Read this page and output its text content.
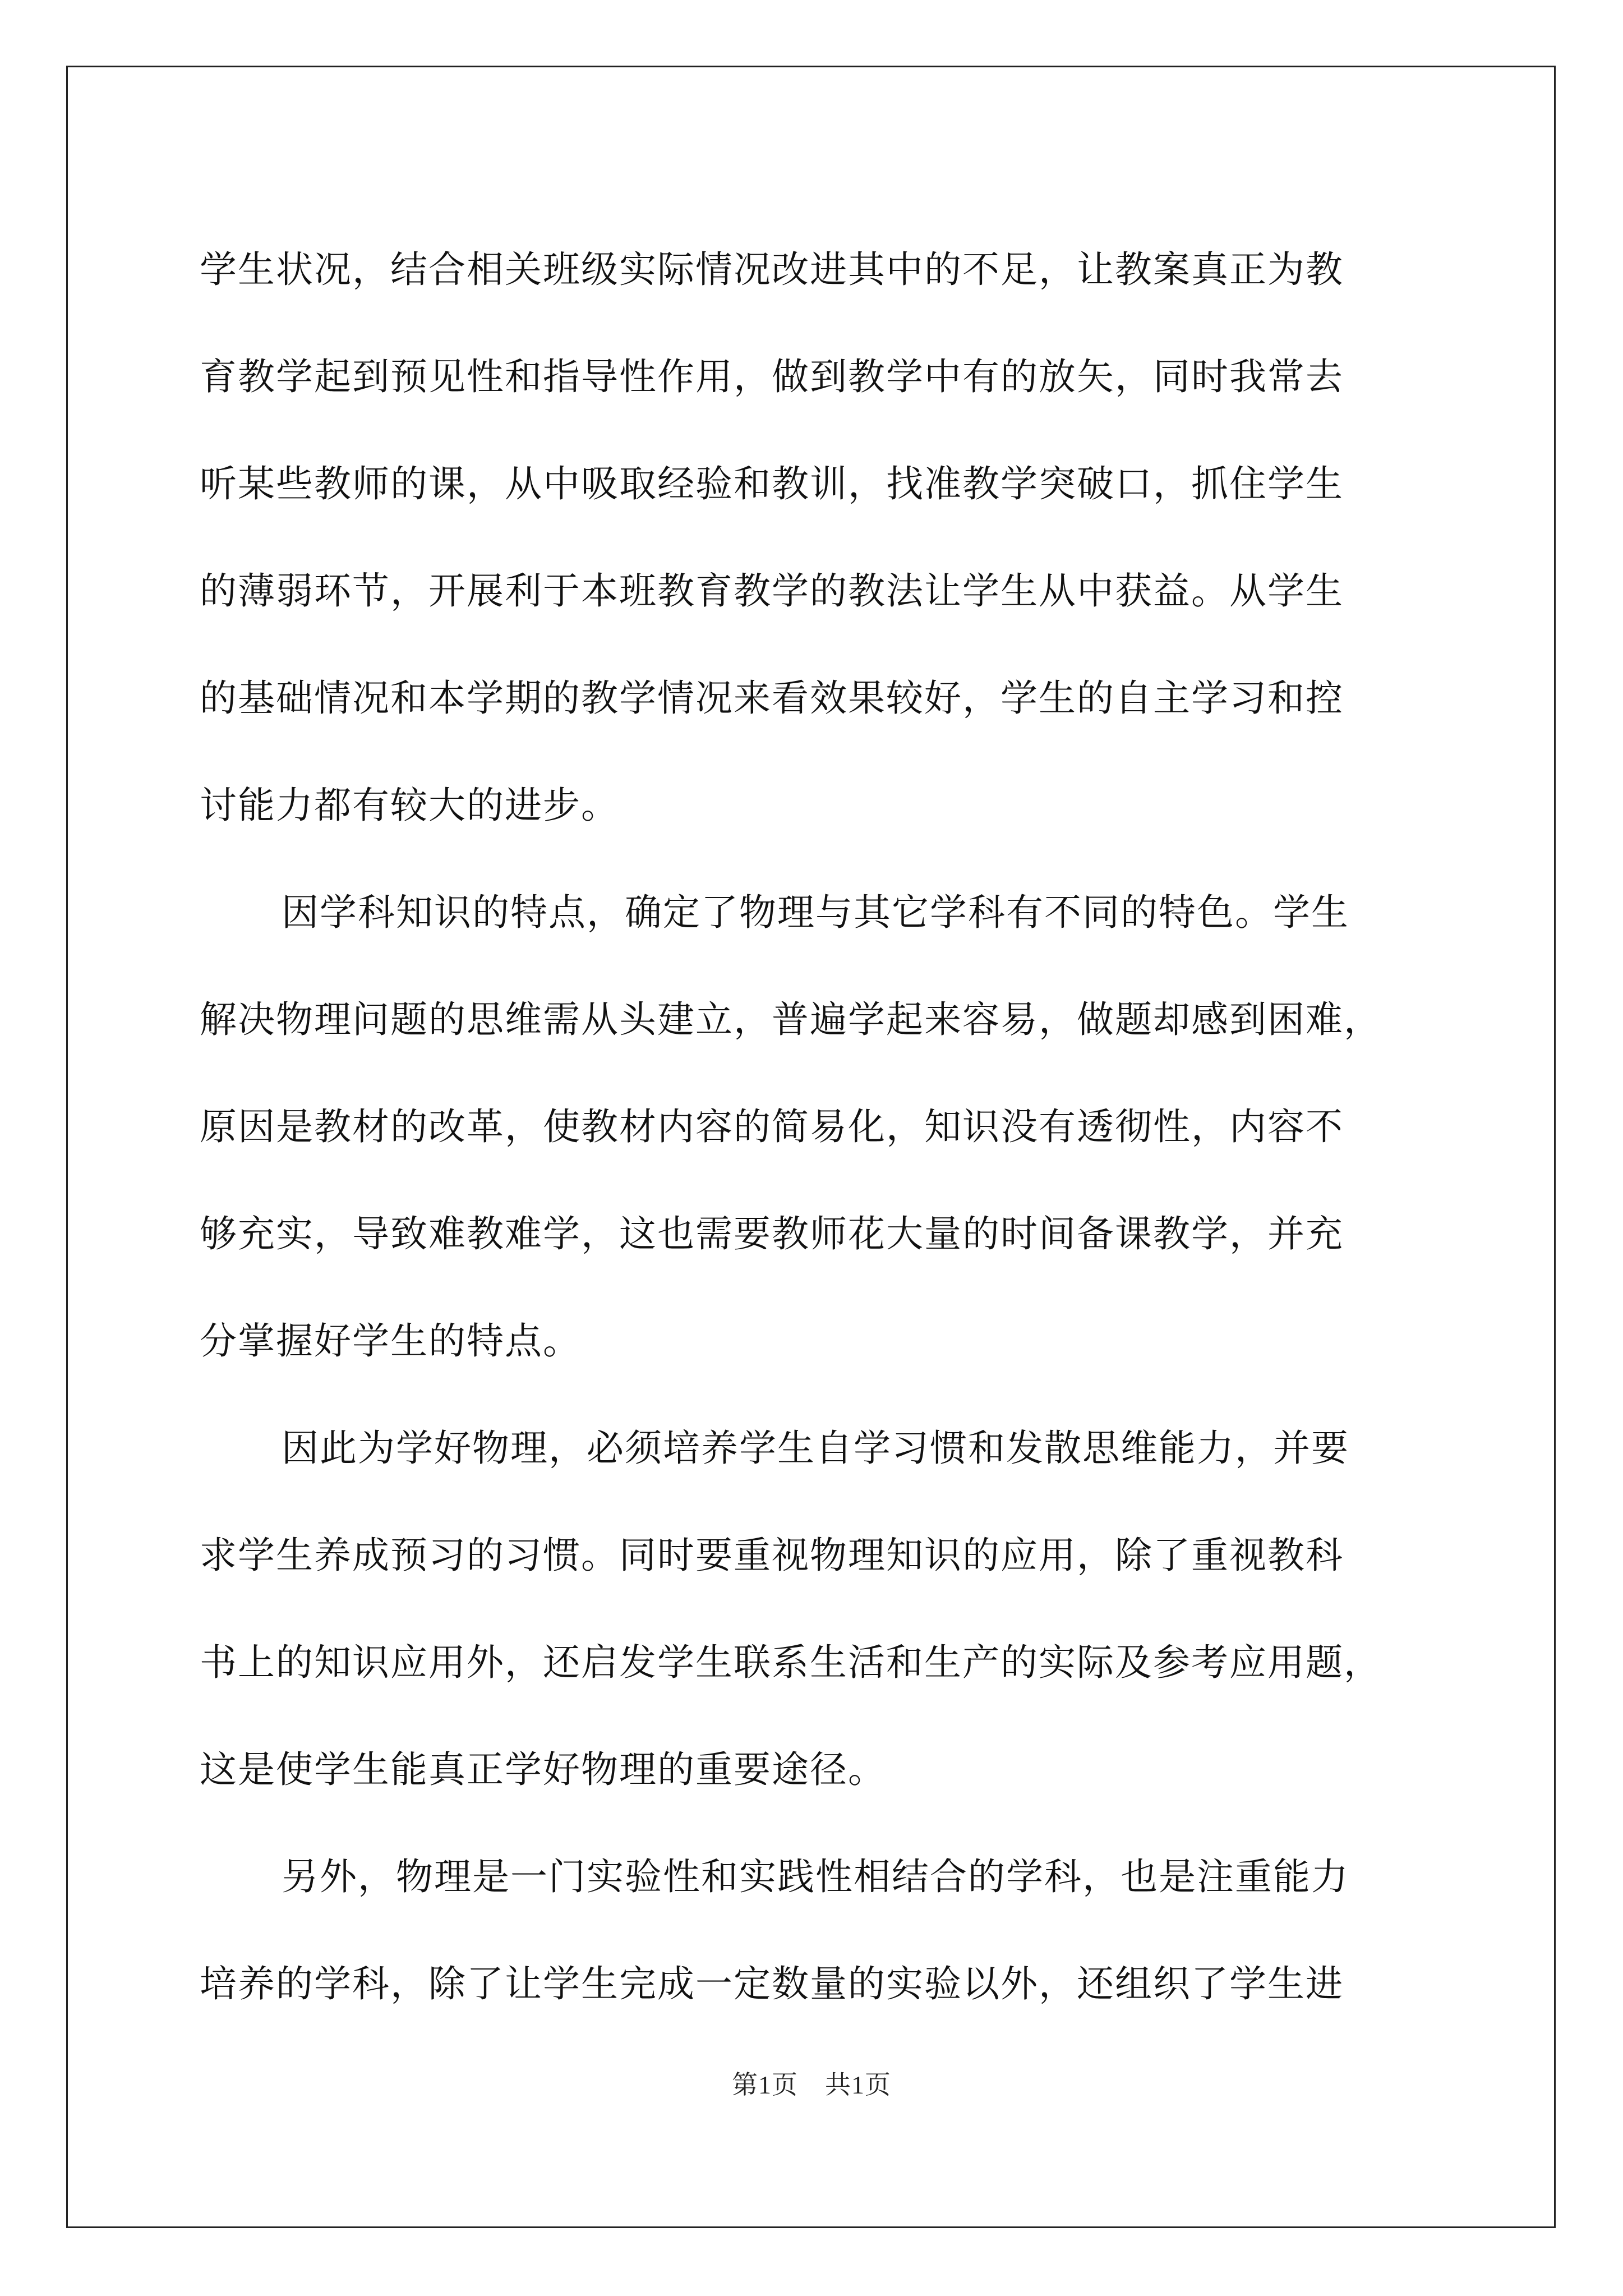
学生状况，结合相关班级实际情况改进其中的不足，让教案真正为教
育教学起到预见性和指导性作用，做到教学中有的放矢，同时我常去
听某些教师的课，从中吸取经验和教训，找准教学突破口，抓住学生
的薄弱环节，开展利于本班教育教学的教法让学生从中获益。从学生
的基础情况和本学期的教学情况来看效果较好，学生的自主学习和控
讨能力都有较大的进步。
因学科知识的特点，确定了物理与其它学科有不同的特色。学生
解决物理问题的思维需从头建立，普遍学起来容易，做题却感到困难，
原因是教材的改革，使教材内容的简易化，知识没有透彻性，内容不
够充实，导致难教难学，这也需要教师花大量的时间备课教学，并充
分掌握好学生的特点。
因此为学好物理，必须培养学生自学习惯和发散思维能力，并要
求学生养成预习的习惯。同时要重视物理知识的应用，除了重视教科
书上的知识应用外，还启发学生联系生活和生产的实际及参考应用题，
这是使学生能真正学好物理的重要途径。
另外，物理是一门实验性和实践性相结合的学科，也是注重能力
培养的学科，除了让学生完成一定数量的实验以外，还组织了学生进
第1页 共1页
